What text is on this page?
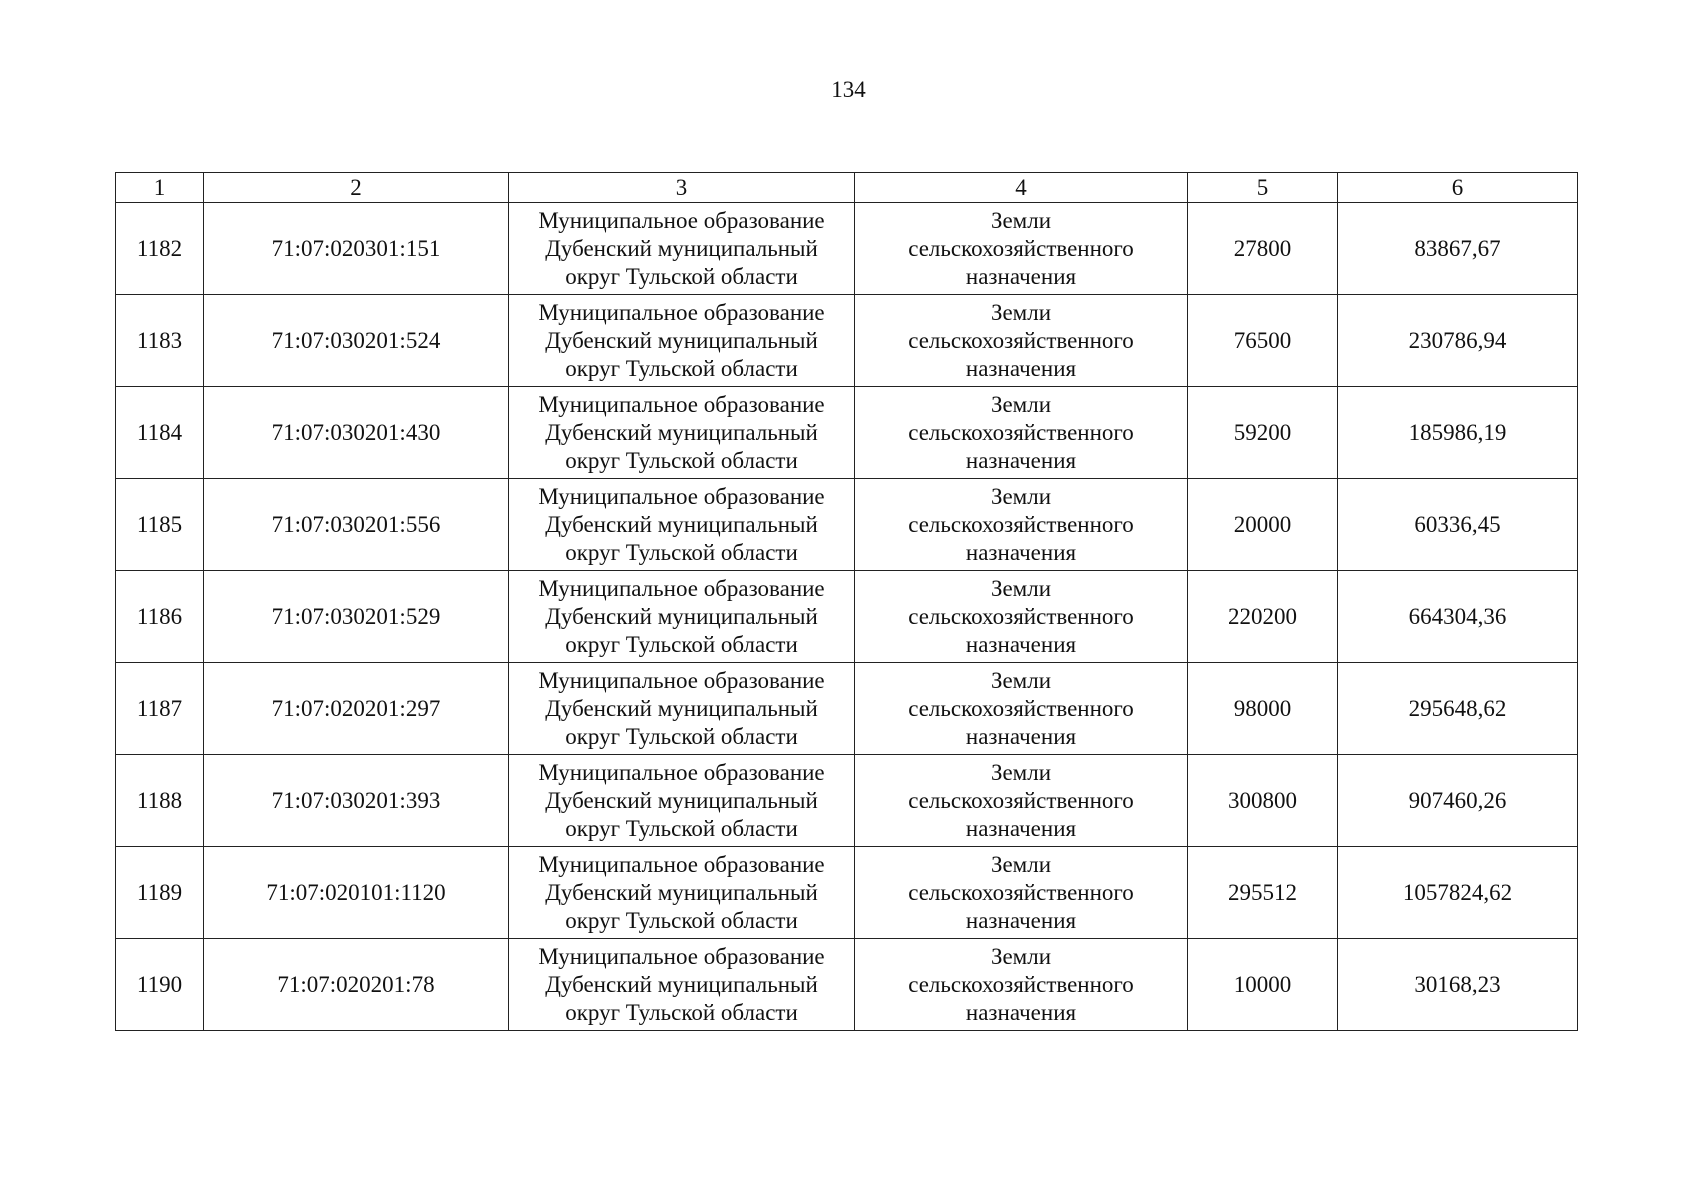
134
1	2	3	4	5	6
1182	71:07:020301:151	Муниципальное образование
Дубенский муниципальный
округ Тульской области	Земли
сельскохозяйственного
назначения	27800	83867,67
1183	71:07:030201:524	Муниципальное образование
Дубенский муниципальный
округ Тульской области	Земли
сельскохозяйственного
назначения	76500	230786,94
1184	71:07:030201:430	Муниципальное образование
Дубенский муниципальный
округ Тульской области	Земли
сельскохозяйственного
назначения	59200	185986,19
1185	71:07:030201:556	Муниципальное образование
Дубенский муниципальный
округ Тульской области	Земли
сельскохозяйственного
назначения	20000	60336,45
1186	71:07:030201:529	Муниципальное образование
Дубенский муниципальный
округ Тульской области	Земли
сельскохозяйственного
назначения	220200	664304,36
1187	71:07:020201:297	Муниципальное образование
Дубенский муниципальный
округ Тульской области	Земли
сельскохозяйственного
назначения	98000	295648,62
1188	71:07:030201:393	Муниципальное образование
Дубенский муниципальный
округ Тульской области	Земли
сельскохозяйственного
назначения	300800	907460,26
1189	71:07:020101:1120	Муниципальное образование
Дубенский муниципальный
округ Тульской области	Земли
сельскохозяйственного
назначения	295512	1057824,62
1190	71:07:020201:78	Муниципальное образование
Дубенский муниципальный
округ Тульской области	Земли
сельскохозяйственного
назначения	10000	30168,23
